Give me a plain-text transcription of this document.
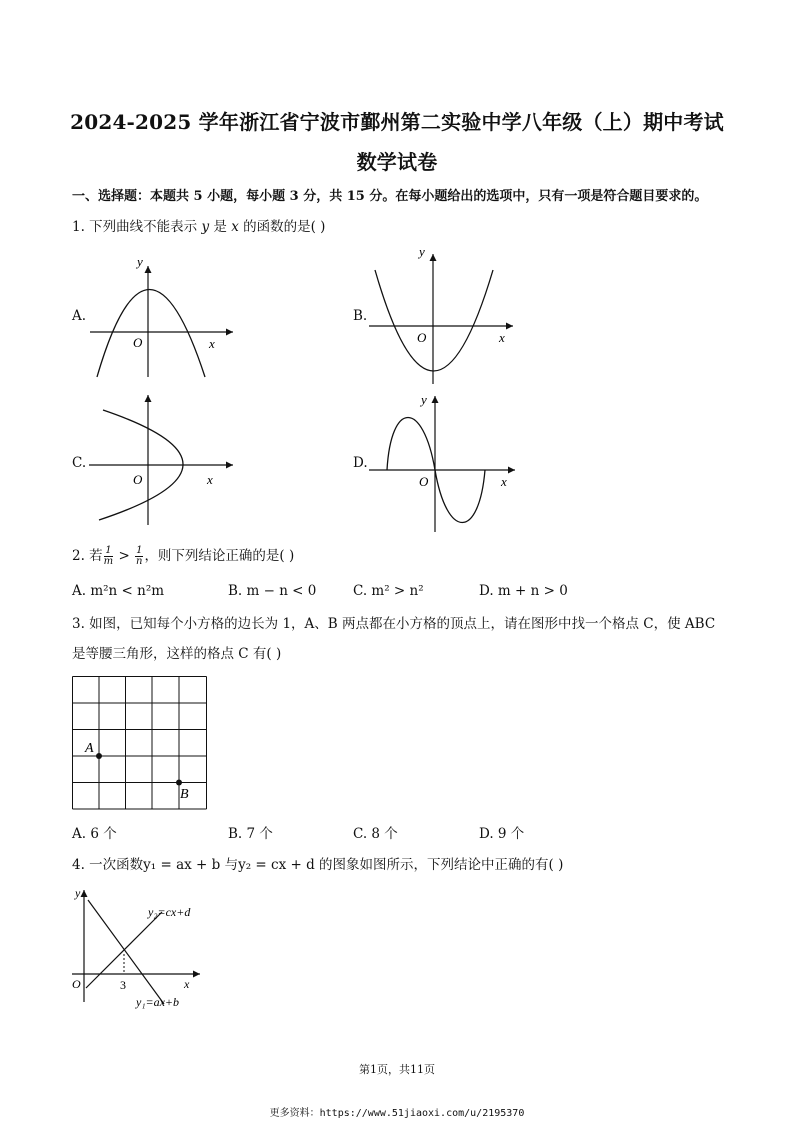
2024-2025 学年浙江省宁波市鄞州第二实验中学八年级（上）期中考试
数学试卷
一、选择题：本题共 5 小题，每小题 3 分，共 15 分。在每小题给出的选项中，只有一项是符合题目要求的。
1. 下列曲线不能表示 y 是 x 的函数的是( )
A.
y
x
O
B.
y
x
O
C.
x
O
D.
y
x
O
2. 若 $\frac{1}{m} > \frac{1}{n}$ ，则下列结论正确的是( )
A. m²n < n²m	B. m − n < 0	C. m² > n²	D. m + n > 0
3. 如图，已知每个小方格的边长为 1，A、B 两点都在小方格的顶点上，请在图形中找一个格点 C，使 ABC
是等腰三角形，这样的格点 C 有( )
A
B
A. 6 个	B. 7 个	C. 8 个	D. 9 个
4. 一次函数y₁ = ax + b 与y₂ = cx + d 的图象如图所示，下列结论中正确的有( )
y
x
O	3
y₂=cx+d
y₁=ax+b
第1页，共11页
更多资料：https://www.51jiaoxi.com/u/2195370
